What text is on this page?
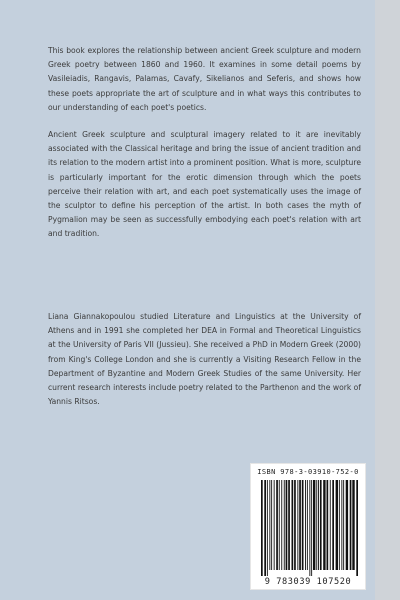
This book explores the relationship between ancient Greek sculpture and modern Greek poetry between 1860 and 1960. It examines in some detail poems by Vasileiadis, Rangavis, Palamas, Cavafy, Sikelianos and Seferis, and shows how these poets appropriate the art of sculpture and in what ways this contributes to our understanding of each poet's poetics.

Ancient Greek sculpture and sculptural imagery related to it are inevitably associated with the Classical heritage and bring the issue of ancient tradition and its relation to the modern artist into a prominent position. What is more, sculpture is particularly important for the erotic dimension through which the poets perceive their relation with art, and each poet systematically uses the image of the sculptor to define his perception of the artist. In both cases the myth of Pygmalion may be seen as successfully embodying each poet's relation with art and tradition.

Liana Giannakopoulou studied Literature and Linguistics at the University of Athens and in 1991 she completed her DEA in Formal and Theoretical Linguistics at the University of Paris VII (Jussieu). She received a PhD in Modern Greek (2000) from King's College London and she is currently a Visiting Research Fellow in the Department of Byzantine and Modern Greek Studies of the same University. Her current research interests include poetry related to the Parthenon and the work of Yannis Ritsos.

ISBN 978-3-03910-752-0
9 783039 107520
